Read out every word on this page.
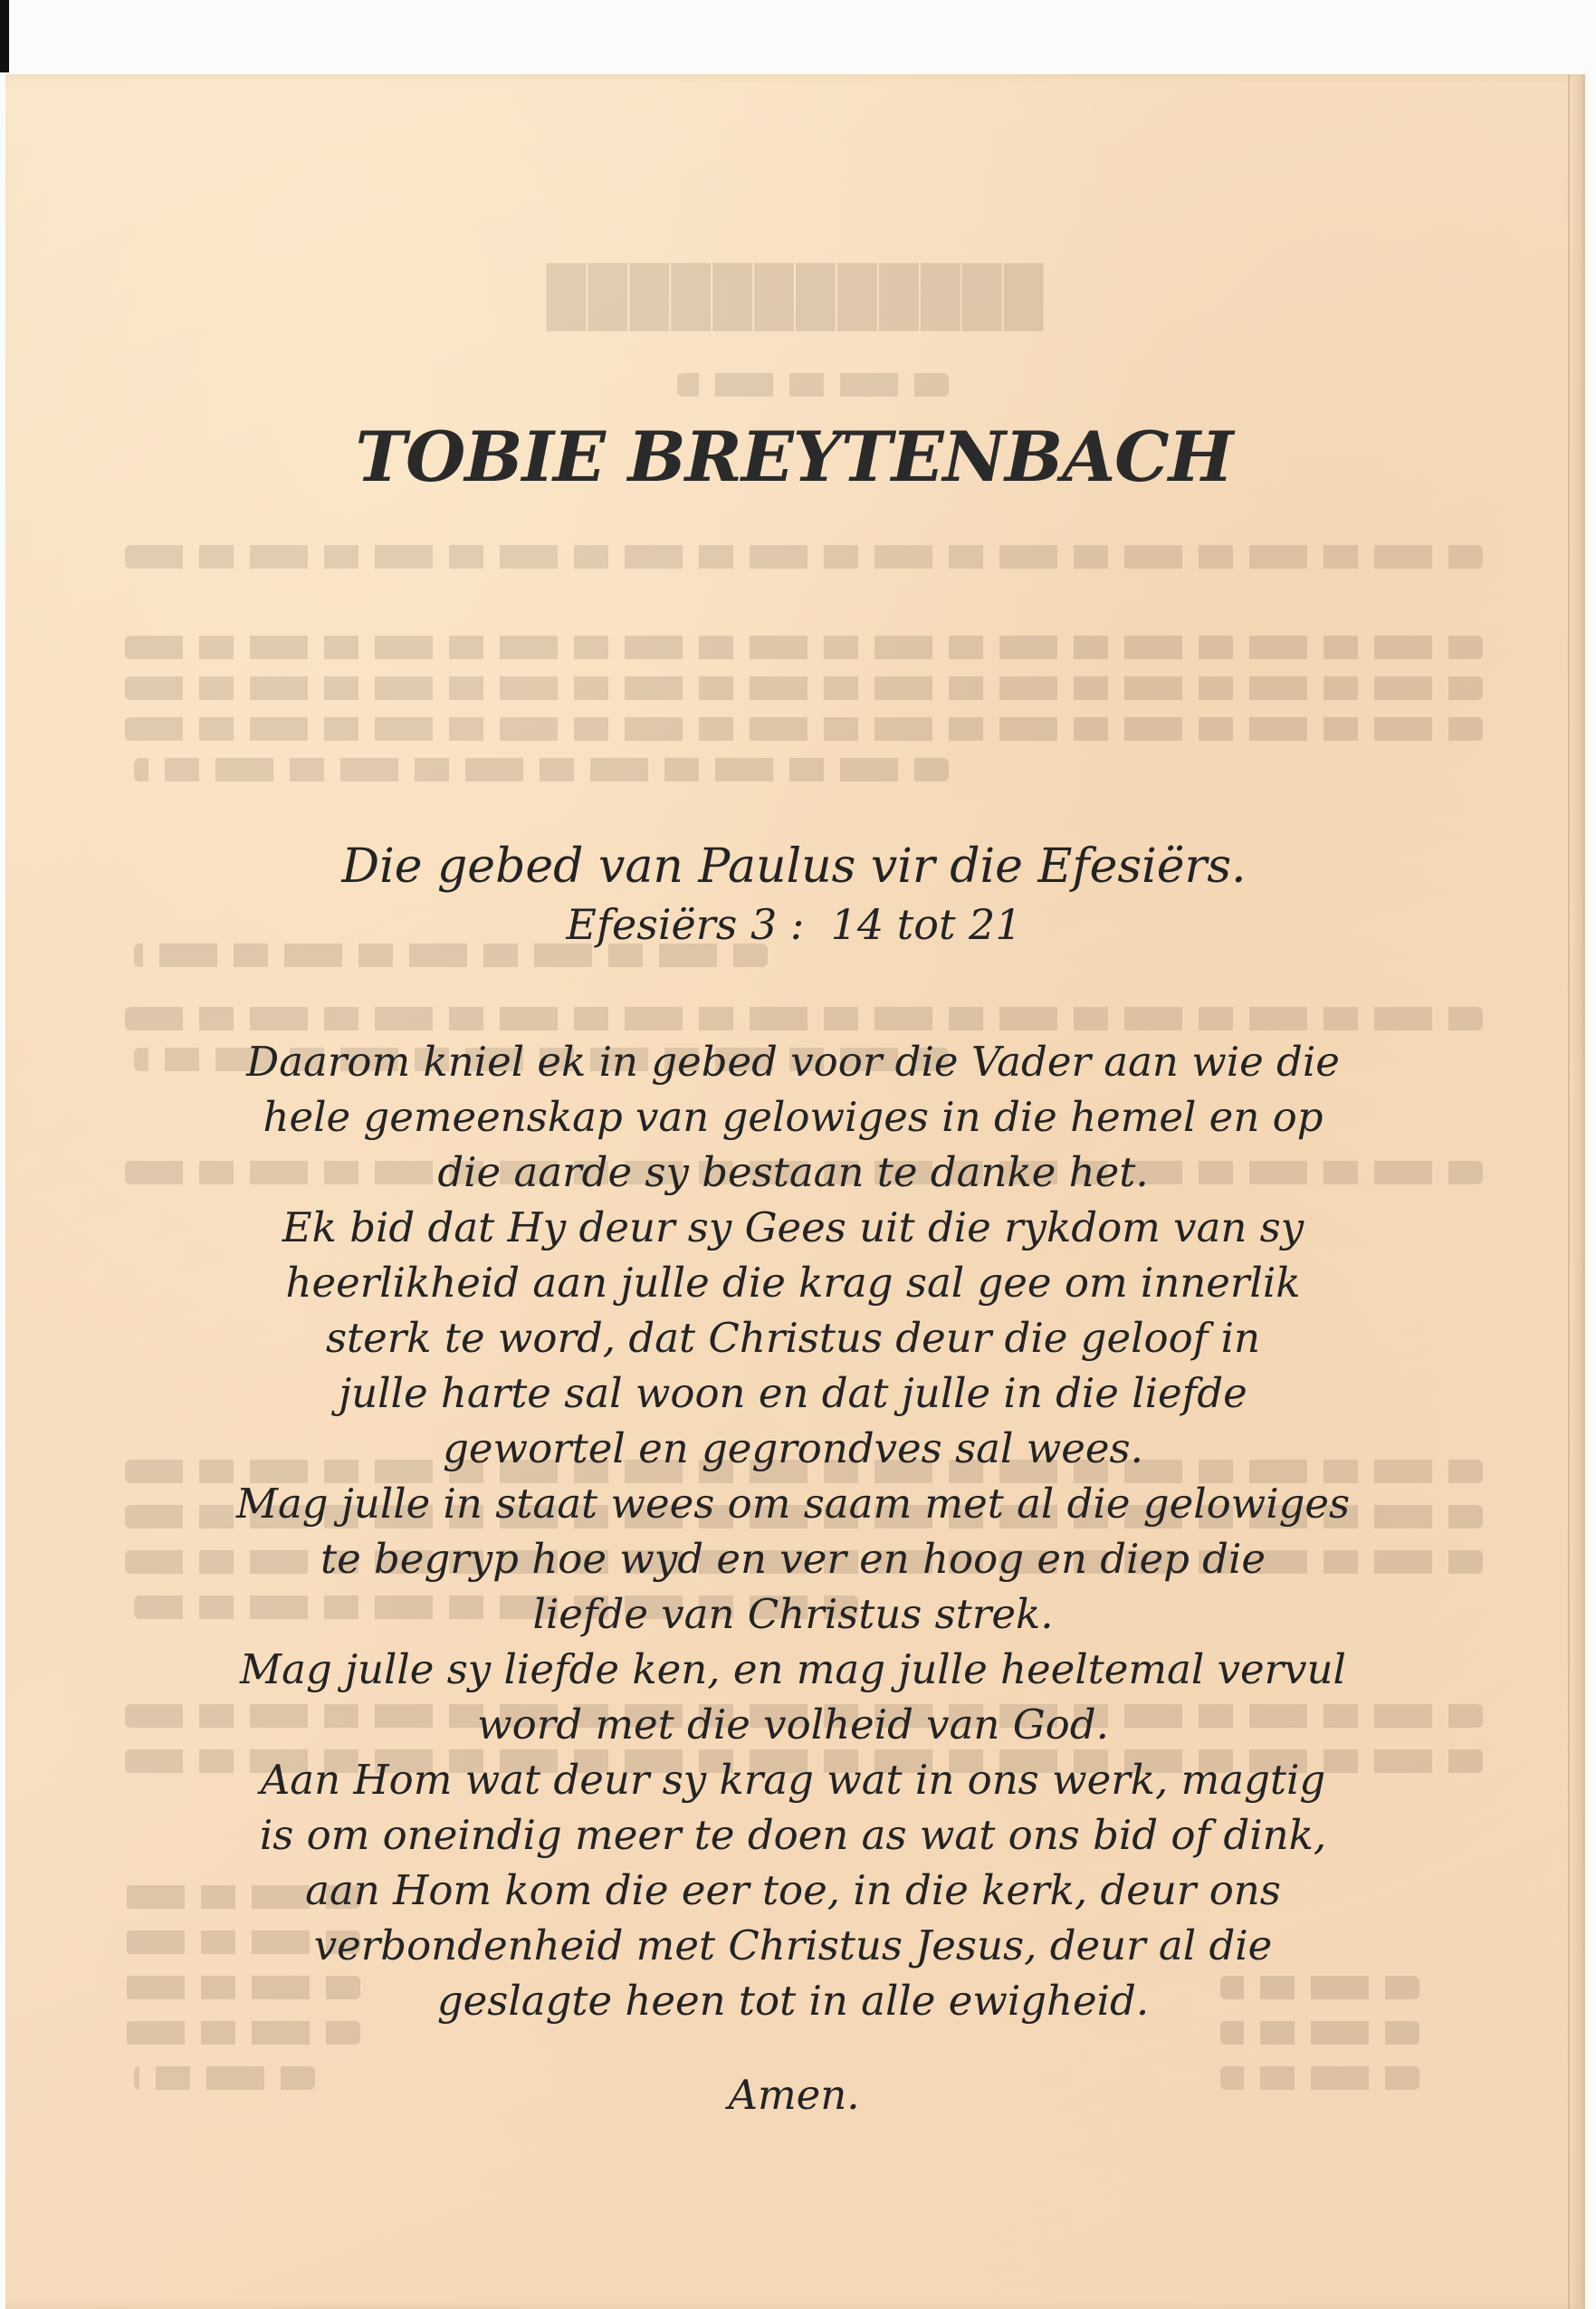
████████████
TOBIE BREYTENBACH
Die gebed van Paulus vir die Efesiërs.
Efesiërs 3 :  14 tot 21
Daarom kniel ek in gebed voor die Vader aan wie die
hele gemeenskap van gelowiges in die hemel en op
die aarde sy bestaan te danke het.
Ek bid dat Hy deur sy Gees uit die rykdom van sy
heerlikheid aan julle die krag sal gee om innerlik
sterk te word, dat Christus deur die geloof in
julle harte sal woon en dat julle in die liefde
gewortel en gegrondves sal wees.
Mag julle in staat wees om saam met al die gelowiges
te begryp hoe wyd en ver en hoog en diep die
liefde van Christus strek.
Mag julle sy liefde ken, en mag julle heeltemal vervul
word met die volheid van God.
Aan Hom wat deur sy krag wat in ons werk, magtig
is om oneindig meer te doen as wat ons bid of dink,
aan Hom kom die eer toe, in die kerk, deur ons
verbondenheid met Christus Jesus, deur al die
geslagte heen tot in alle ewigheid.
Amen.
